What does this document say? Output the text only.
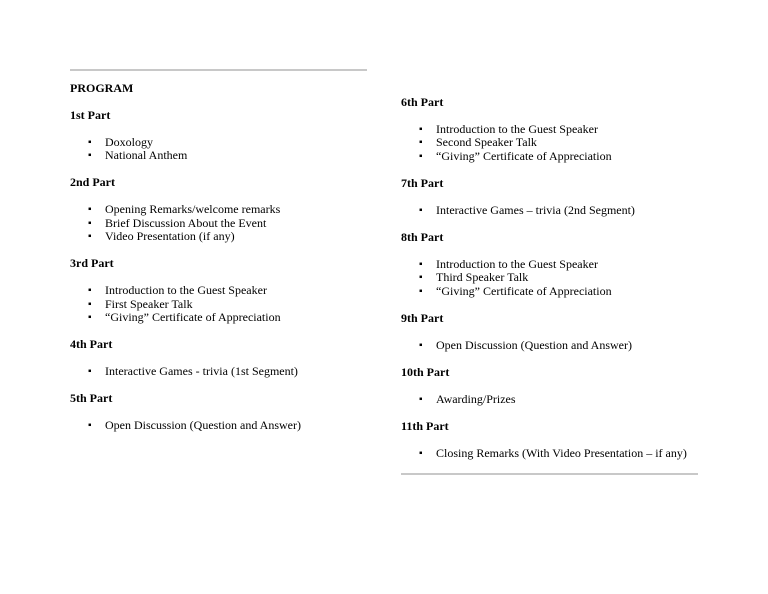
PROGRAM
1st Part
▪	Doxology
▪	National Anthem
2nd Part
▪	Opening Remarks/welcome remarks
▪	Brief Discussion About the Event
▪	Video Presentation (if any)
3rd Part
▪	Introduction to the Guest Speaker
▪	First Speaker Talk
▪	“Giving” Certificate of Appreciation
4th Part
▪	Interactive Games - trivia (1st Segment)
5th Part
▪	Open Discussion (Question and Answer)
6th Part
▪	Introduction to the Guest Speaker
▪	Second Speaker Talk
▪	“Giving” Certificate of Appreciation
7th Part
▪	Interactive Games – trivia (2nd Segment)
8th Part
▪	Introduction to the Guest Speaker
▪	Third Speaker Talk
▪	“Giving” Certificate of Appreciation
9th Part
▪	Open Discussion (Question and Answer)
10th Part
▪	Awarding/Prizes
11th Part
▪	Closing Remarks (With Video Presentation – if any)
